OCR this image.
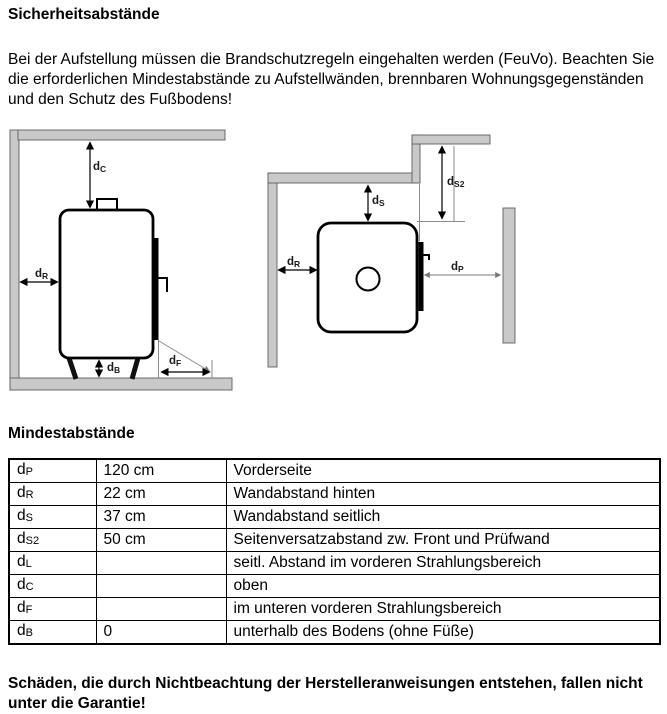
Sicherheitsabstände

Bei der Aufstellung müssen die Brandschutzregeln eingehalten werden (FeuVo). Beachten Sie die erforderlichen Mindestabstände zu Aufstellwänden, brennbaren Wohnungsgegenständen und den Schutz des Fußbodens!

$d_C$
$d_R$
$d_B$
$d_F$
$d_S$
$d_{S2}$
$d_R$	$d_P$
Mindestabstände
$d_P$	120 cm	Vorderseite
$d_R$	22 cm	Wandabstand hinten
$d_S$	37 cm	Wandabstand seitlich
$d_{S2}$	50 cm	Seitenversatzabstand zw. Front und Prüfwand
$d_L$		seitl. Abstand im vorderen Strahlungsbereich
$d_C$		oben
$d_F$		im unteren vorderen Strahlungsbereich
$d_B$	0	unterhalb des Bodens (ohne Füße)

Schäden, die durch Nichtbeachtung der Herstelleranweisungen entstehen, fallen nicht unter die Garantie!
